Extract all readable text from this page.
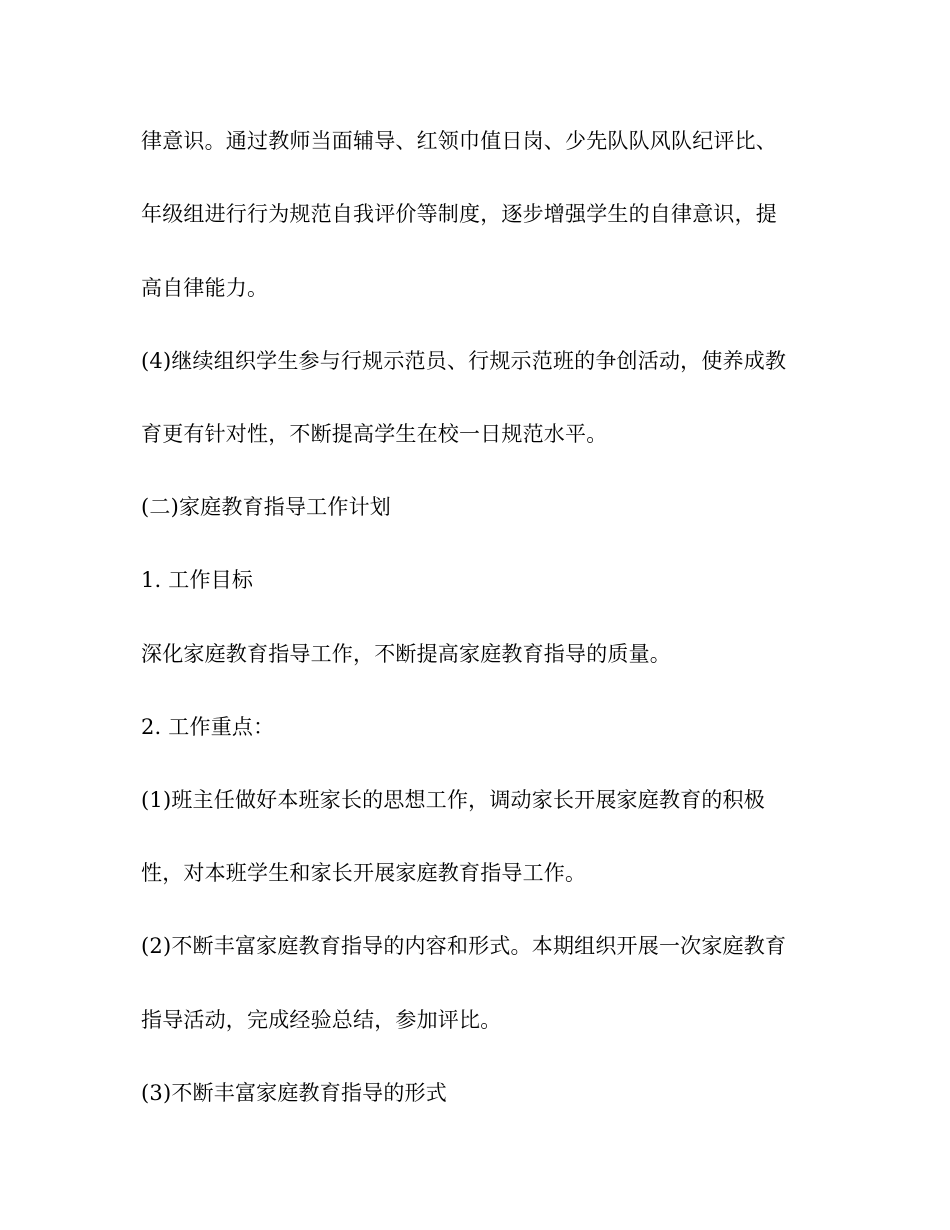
律意识。通过教师当面辅导、红领巾值日岗、少先队队风队纪评比、
年级组进行行为规范自我评价等制度，逐步增强学生的自律意识，提
高自律能力。
(4)继续组织学生参与行规示范员、行规示范班的争创活动，使养成教
育更有针对性，不断提高学生在校一日规范水平。
(二)家庭教育指导工作计划
1. 工作目标
深化家庭教育指导工作，不断提高家庭教育指导的质量。
2. 工作重点：
(1)班主任做好本班家长的思想工作，调动家长开展家庭教育的积极
性，对本班学生和家长开展家庭教育指导工作。
(2)不断丰富家庭教育指导的内容和形式。本期组织开展一次家庭教育
指导活动，完成经验总结，参加评比。
(3)不断丰富家庭教育指导的形式
